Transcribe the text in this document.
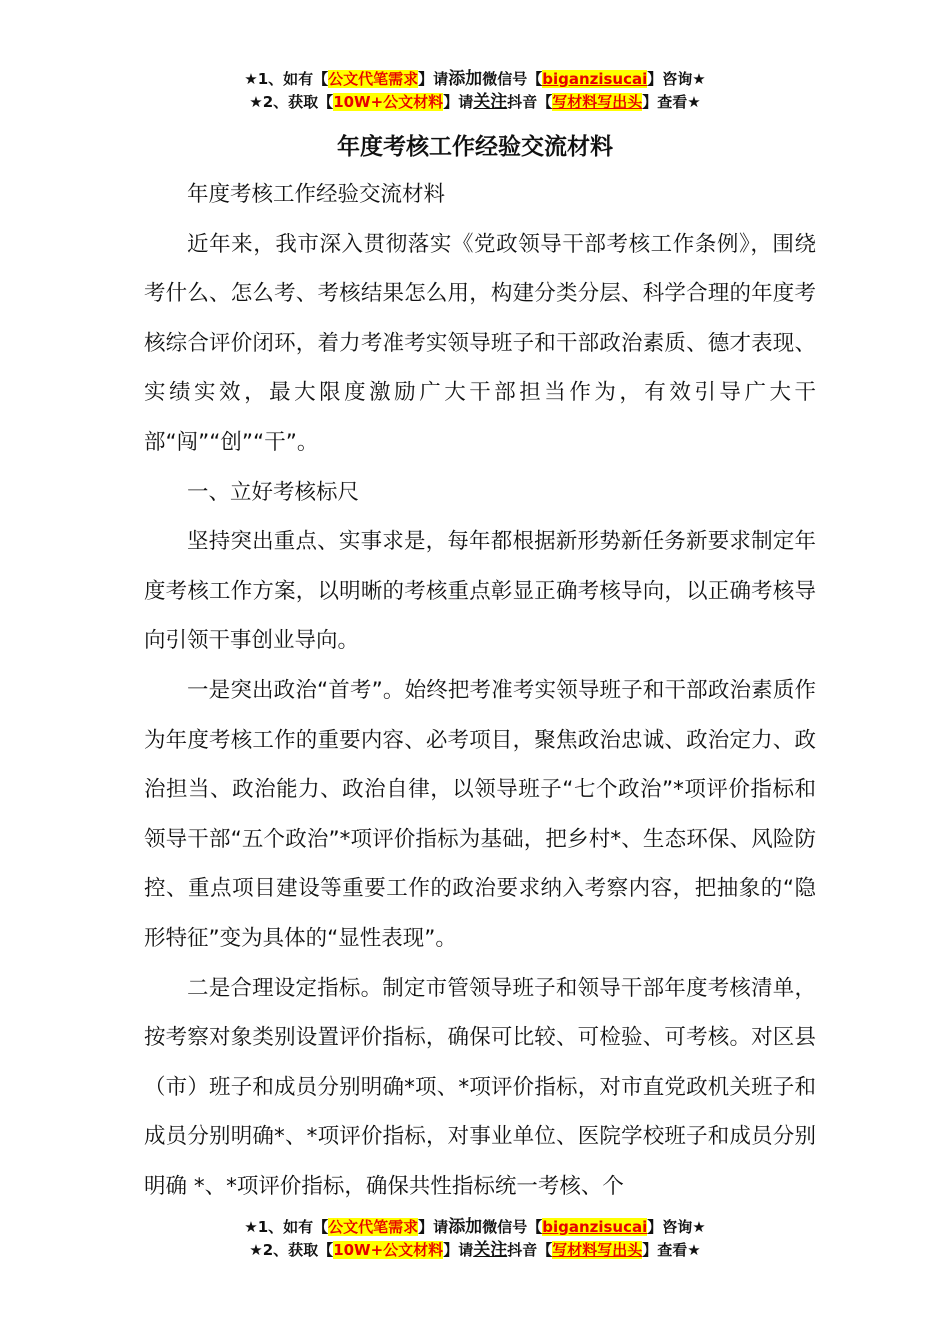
★1、如有【公文代笔需求】请添加微信号【biganzisucai】咨询★
★2、获取【10W+公文材料】请关注抖音【写材料写出头】查看★
年度考核工作经验交流材料

年度考核工作经验交流材料

近年来，我市深入贯彻落实《党政领导干部考核工作条例》，围绕考什么、怎么考、考核结果怎么用，构建分类分层、科学合理的年度考核综合评价闭环，着力考准考实领导班子和干部政治素质、德才表现、实绩实效，最大限度激励广大干部担当作为，有效引导广大干部“闯”“创”“干”。

一、立好考核标尺

坚持突出重点、实事求是，每年都根据新形势新任务新要求制定年度考核工作方案，以明晰的考核重点彰显正确考核导向，以正确考核导向引领干事创业导向。

一是突出政治“首考”。始终把考准考实领导班子和干部政治素质作为年度考核工作的重要内容、必考项目，聚焦政治忠诚、政治定力、政治担当、政治能力、政治自律，以领导班子“七个政治”*项评价指标和领导干部“五个政治”*项评价指标为基础，把乡村*、生态环保、风险防控、重点项目建设等重要工作的政治要求纳入考察内容，把抽象的“隐形特征”变为具体的“显性表现”。

二是合理设定指标。制定市管领导班子和领导干部年度考核清单，按考察对象类别设置评价指标，确保可比较、可检验、可考核。对区县（市）班子和成员分别明确*项、*项评价指标，对市直党政机关班子和成员分别明确*、*项评价指标，对事业单位、医院学校班子和成员分别明确 *、*项评价指标，确保共性指标统一考核、个

★1、如有【公文代笔需求】请添加微信号【biganzisucai】咨询★
★2、获取【10W+公文材料】请关注抖音【写材料写出头】查看★
